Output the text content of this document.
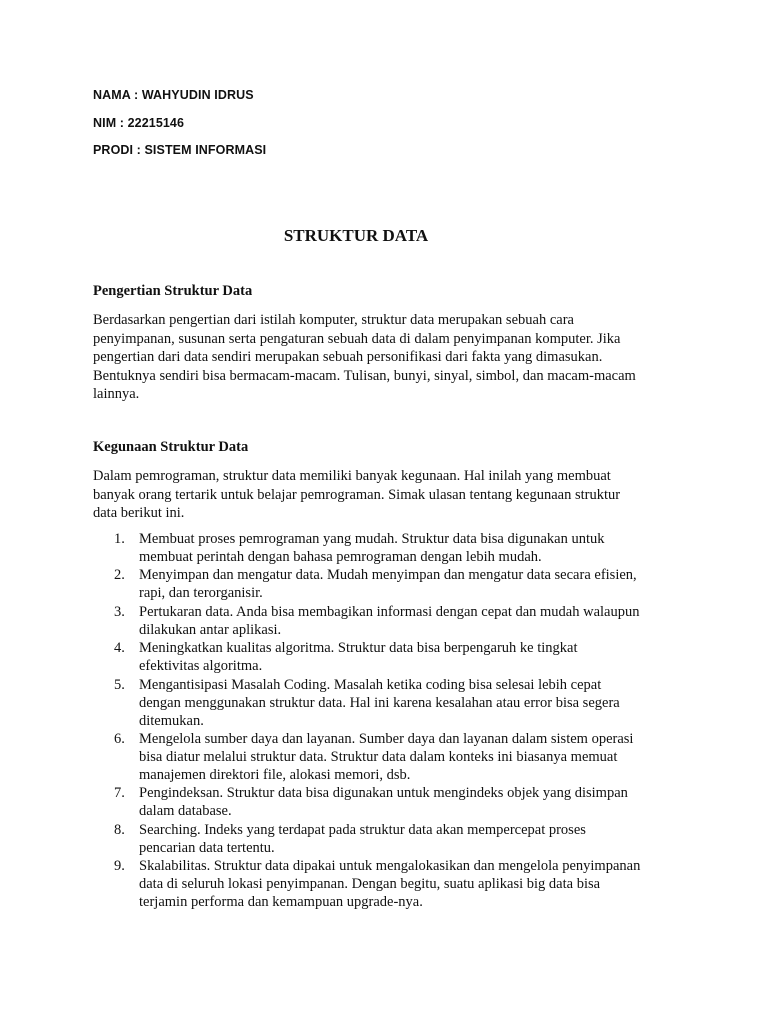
NAMA : WAHYUDIN IDRUS
NIM : 22215146
PRODI : SISTEM INFORMASI
STRUKTUR DATA
Pengertian Struktur Data

Berdasarkan pengertian dari istilah komputer, struktur data merupakan sebuah cara
penyimpanan, susunan serta pengaturan sebuah data di dalam penyimpanan komputer. Jika
pengertian dari data sendiri merupakan sebuah personifikasi dari fakta yang dimasukan.
Bentuknya sendiri bisa bermacam-macam. Tulisan, bunyi, sinyal, simbol, dan macam-macam
lainnya.

Kegunaan Struktur Data

Dalam pemrograman, struktur data memiliki banyak kegunaan. Hal inilah yang membuat
banyak orang tertarik untuk belajar pemrograman. Simak ulasan tentang kegunaan struktur
data berikut ini.

1. Membuat proses pemrograman yang mudah. Struktur data bisa digunakan untuk
membuat perintah dengan bahasa pemrograman dengan lebih mudah.
2. Menyimpan dan mengatur data. Mudah menyimpan dan mengatur data secara efisien,
rapi, dan terorganisir.
3. Pertukaran data. Anda bisa membagikan informasi dengan cepat dan mudah walaupun
dilakukan antar aplikasi.
4. Meningkatkan kualitas algoritma. Struktur data bisa berpengaruh ke tingkat
efektivitas algoritma.
5. Mengantisipasi Masalah Coding. Masalah ketika coding bisa selesai lebih cepat
dengan menggunakan struktur data. Hal ini karena kesalahan atau error bisa segera
ditemukan.
6. Mengelola sumber daya dan layanan. Sumber daya dan layanan dalam sistem operasi
bisa diatur melalui struktur data. Struktur data dalam konteks ini biasanya memuat
manajemen direktori file, alokasi memori, dsb.
7. Pengindeksan. Struktur data bisa digunakan untuk mengindeks objek yang disimpan
dalam database.
8. Searching. Indeks yang terdapat pada struktur data akan mempercepat proses
pencarian data tertentu.
9. Skalabilitas. Struktur data dipakai untuk mengalokasikan dan mengelola penyimpanan
data di seluruh lokasi penyimpanan. Dengan begitu, suatu aplikasi big data bisa
terjamin performa dan kemampuan upgrade-nya.
